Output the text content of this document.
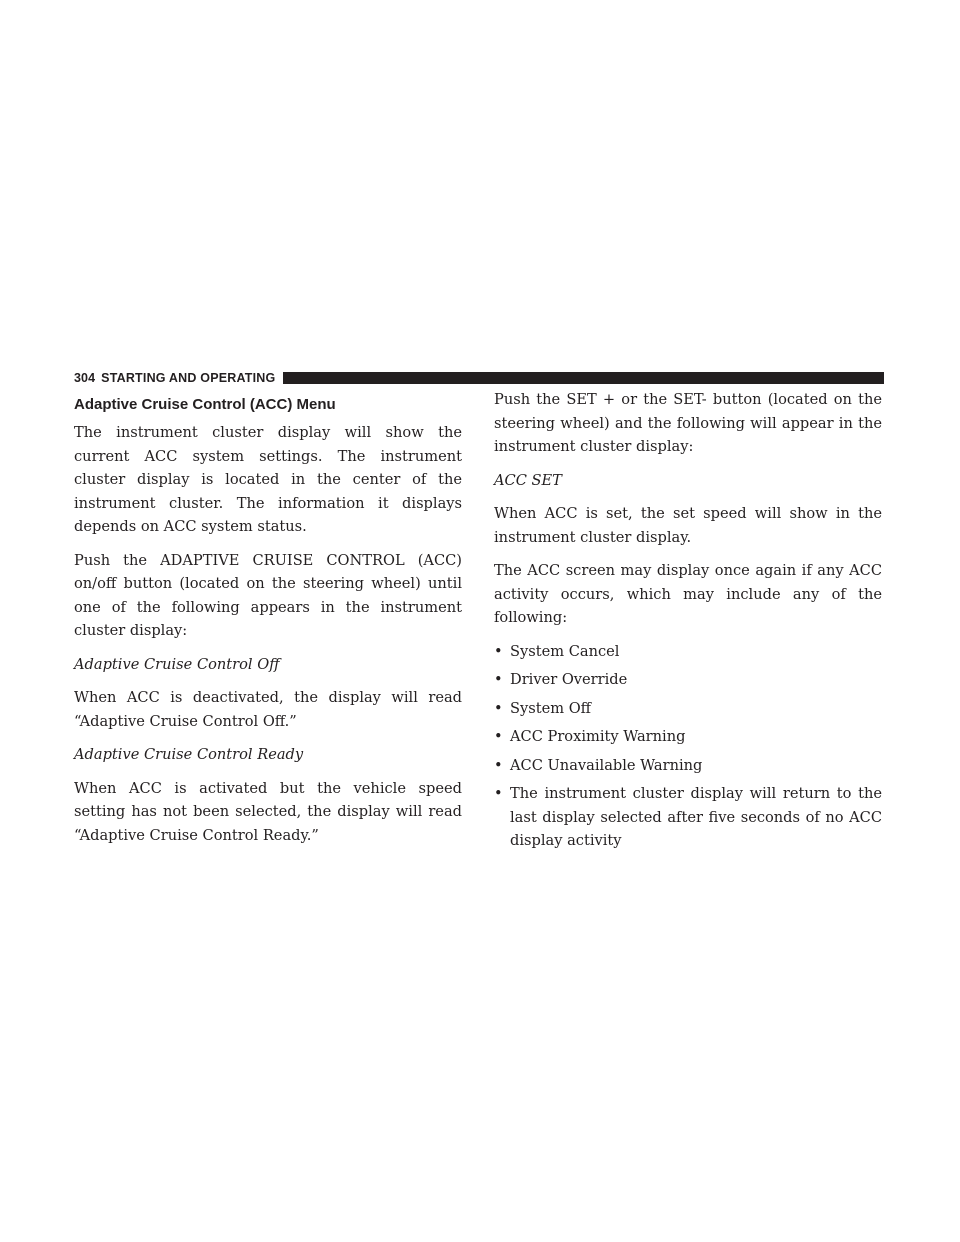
304 STARTING AND OPERATING
Adaptive Cruise Control (ACC) Menu

The instrument cluster display will show the current ACC system settings. The instrument cluster display is located in the center of the instrument cluster. The information it displays depends on ACC system status.

Push the ADAPTIVE CRUISE CONTROL (ACC) on/off button (located on the steering wheel) until one of the following appears in the instrument cluster display:

Adaptive Cruise Control Off

When ACC is deactivated, the display will read “Adaptive Cruise Control Off.”

Adaptive Cruise Control Ready

When ACC is activated but the vehicle speed setting has not been selected, the display will read “Adaptive Cruise Control Ready.”

Push the SET + or the SET- button (located on the steering wheel) and the following will appear in the instrument cluster display:

ACC SET

When ACC is set, the set speed will show in the instrument cluster display.

The ACC screen may display once again if any ACC activity occurs, which may include any of the following:

• System Cancel
• Driver Override
• System Off
• ACC Proximity Warning
• ACC Unavailable Warning
• The instrument cluster display will return to the last display selected after five seconds of no ACC display activity
